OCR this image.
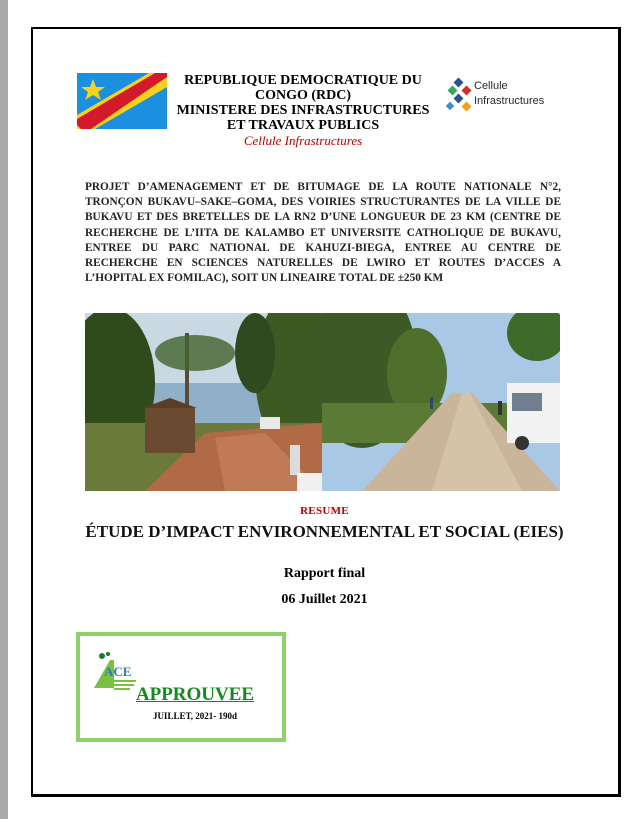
REPUBLIQUE DEMOCRATIQUE DU
CONGO (RDC)
MINISTERE DES INFRASTRUCTURES
ET TRAVAUX PUBLICS
Cellule Infrastructures
Cellule
Infrastructures
PROJET D’AMENAGEMENT ET DE BITUMAGE DE LA ROUTE NATIONALE N°2, TRONÇON BUKAVU–SAKE–GOMA, DES VOIRIES STRUCTURANTES DE LA VILLE DE BUKAVU ET DES BRETELLES DE LA RN2 D’UNE LONGUEUR DE 23 KM (CENTRE DE RECHERCHE DE L’IITA DE KALAMBO ET UNIVERSITE CATHOLIQUE DE BUKAVU, ENTREE DU PARC NATIONAL DE KAHUZI-BIEGA, ENTREE AU CENTRE DE RECHERCHE EN SCIENCES NATURELLES DE LWIRO ET ROUTES D’ACCES A L’HOPITAL EX FOMILAC), SOIT UN LINEAIRE TOTAL DE ±250 KM
RESUME
ÉTUDE D’IMPACT ENVIRONNEMENTAL ET SOCIAL (EIES)
Rapport final
06 Juillet 2021
ACE
APPROUVEE
JUILLET, 2021- 190d
